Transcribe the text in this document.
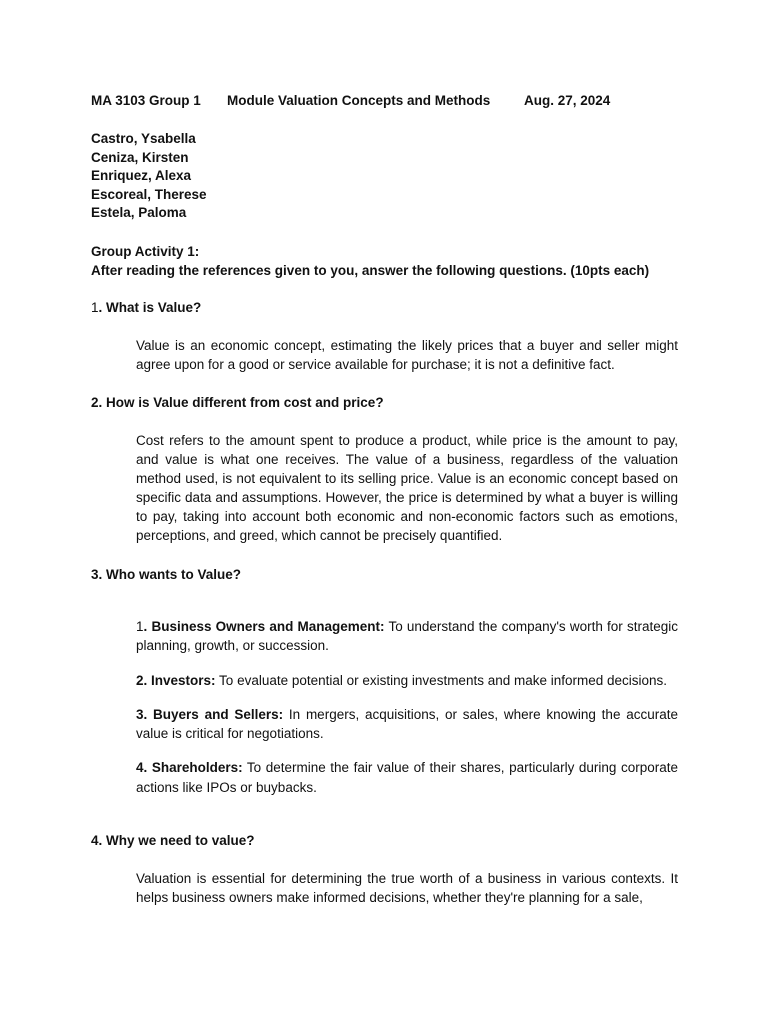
MA 3103 Group 1 Module Valuation Concepts and Methods Aug. 27, 2024
Castro, Ysabella
Ceniza, Kirsten
Enriquez, Alexa
Escoreal, Therese
Estela, Paloma
Group Activity 1:
After reading the references given to you, answer the following questions. (10pts each)
1. What is Value?
Value is an economic concept, estimating the likely prices that a buyer and seller might agree upon for a good or service available for purchase; it is not a definitive fact.
2. How is Value different from cost and price?
Cost refers to the amount spent to produce a product, while price is the amount to pay, and value is what one receives. The value of a business, regardless of the valuation method used, is not equivalent to its selling price. Value is an economic concept based on specific data and assumptions. However, the price is determined by what a buyer is willing to pay, taking into account both economic and non-economic factors such as emotions, perceptions, and greed, which cannot be precisely quantified.
3. Who wants to Value?
1. Business Owners and Management: To understand the company's worth for strategic planning, growth, or succession.
2. Investors: To evaluate potential or existing investments and make informed decisions.
3. Buyers and Sellers: In mergers, acquisitions, or sales, where knowing the accurate value is critical for negotiations.
4. Shareholders: To determine the fair value of their shares, particularly during corporate actions like IPOs or buybacks.
4. Why we need to value?
Valuation is essential for determining the true worth of a business in various contexts. It helps business owners make informed decisions, whether they're planning for a sale,
